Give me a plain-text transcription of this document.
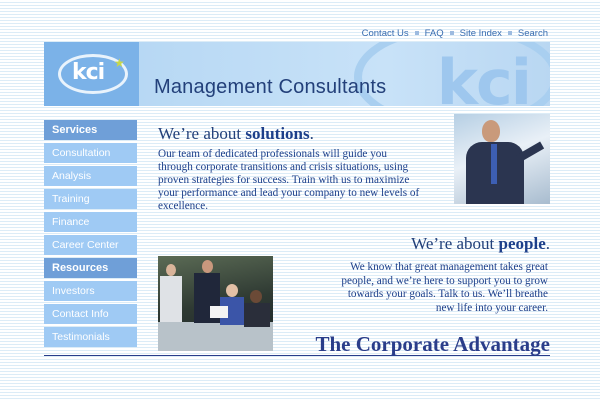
Contact Us FAQ Site Index Search
kci
kci ★
Management Consultants
Services
Consultation
Analysis
Training
Finance
Career Center
Resources
Investors
Contact Info
Testimonials
We’re about solutions.
Our team of dedicated professionals will guide you through corporate transitions and crisis situations, using proven strategies for success. Train with us to maximize your performance and lead your company to new levels of excellence.
We’re about people.
We know that great management takes great people, and we’re here to support you to grow towards your goals. Talk to us. We’ll breathe new life into your career.
The Corporate Advantage
